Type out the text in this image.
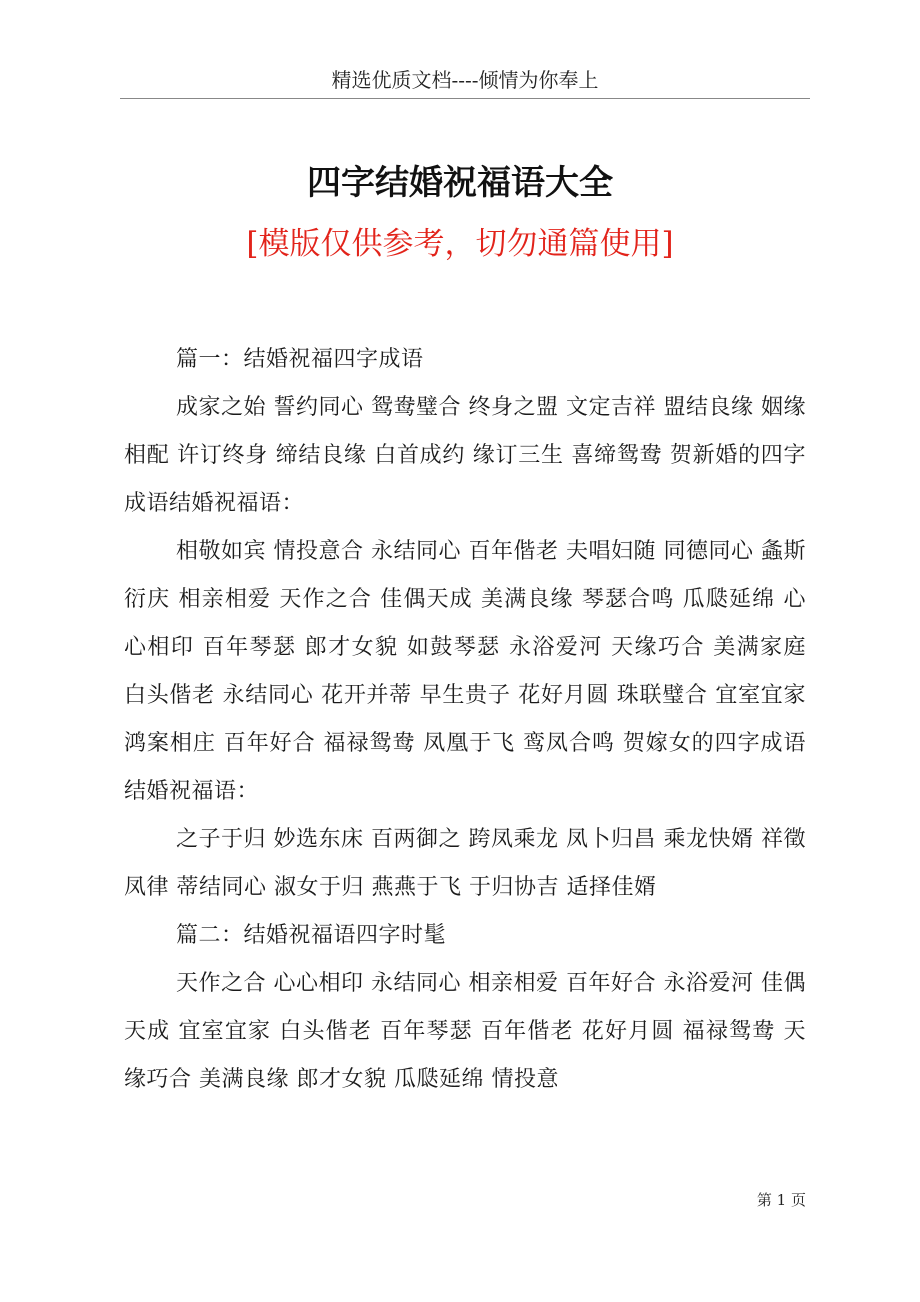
精选优质文档----倾情为你奉上
四字结婚祝福语大全
[模版仅供参考，切勿通篇使用]

篇一：结婚祝福四字成语

成家之始 誓约同心 鸳鸯璧合 终身之盟 文定吉祥 盟结良缘 姻缘相配 许订终身 缔结良缘 白首成约 缘订三生 喜缔鸳鸯 贺新婚的四字成语结婚祝福语：

相敬如宾 情投意合 永结同心 百年偕老 夫唱妇随 同德同心 螽斯衍庆 相亲相爱 天作之合 佳偶天成 美满良缘 琴瑟合鸣 瓜瓞延绵 心心相印 百年琴瑟 郎才女貌 如鼓琴瑟 永浴爱河 天缘巧合 美满家庭 白头偕老 永结同心 花开并蒂 早生贵子 花好月圆 珠联璧合 宜室宜家 鸿案相庄 百年好合 福禄鸳鸯 凤凰于飞 鸾凤合鸣 贺嫁女的四字成语结婚祝福语：

之子于归 妙选东床 百两御之 跨凤乘龙 凤卜归昌 乘龙快婿 祥徵凤律 蒂结同心 淑女于归 燕燕于飞 于归协吉 适择佳婿

篇二：结婚祝福语四字时髦

天作之合 心心相印 永结同心 相亲相爱 百年好合 永浴爱河 佳偶天成 宜室宜家 白头偕老 百年琴瑟 百年偕老 花好月圆 福禄鸳鸯 天缘巧合 美满良缘 郎才女貌 瓜瓞延绵 情投意

第 1 页
